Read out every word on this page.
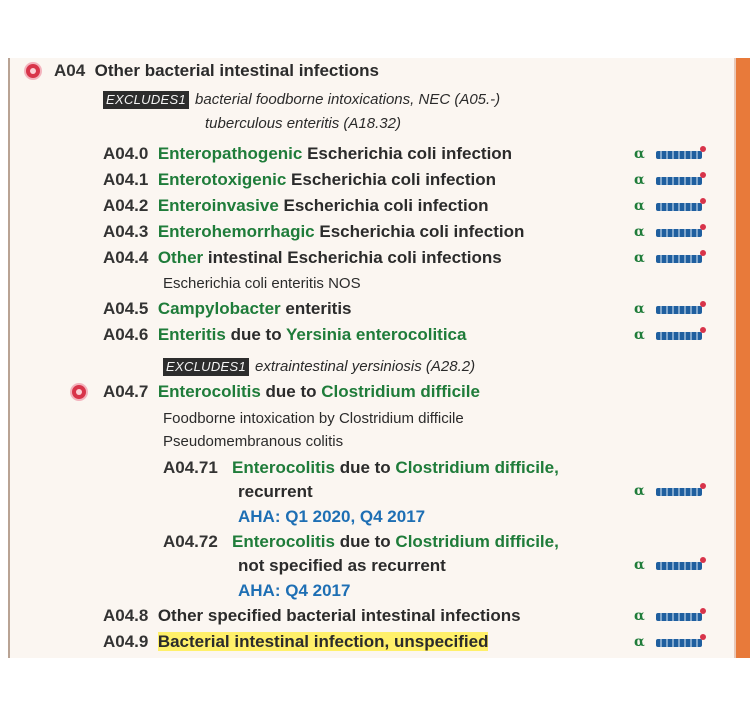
A04 Other bacterial intestinal infections
EXCLUDES1 bacterial foodborne intoxications, NEC (A05.-)
tuberculous enteritis (A18.32)
A04.0 Enteropathogenic Escherichia coli infection	α
A04.1 Enterotoxigenic Escherichia coli infection	α
A04.2 Enteroinvasive Escherichia coli infection	α
A04.3 Enterohemorrhagic Escherichia coli infection	α
A04.4 Other intestinal Escherichia coli infections	α
Escherichia coli enteritis NOS
A04.5 Campylobacter enteritis	α
A04.6 Enteritis due to Yersinia enterocolitica	α
EXCLUDES1 extraintestinal yersiniosis (A28.2)
A04.7 Enterocolitis due to Clostridium difficile
Foodborne intoxication by Clostridium difficile
Pseudomembranous colitis
A04.71 Enterocolitis due to Clostridium difficile,
recurrent	α
AHA: Q1 2020, Q4 2017
A04.72 Enterocolitis due to Clostridium difficile,
not specified as recurrent	α
AHA: Q4 2017
A04.8 Other specified bacterial intestinal infections	α
A04.9 Bacterial intestinal infection, unspecified	α
